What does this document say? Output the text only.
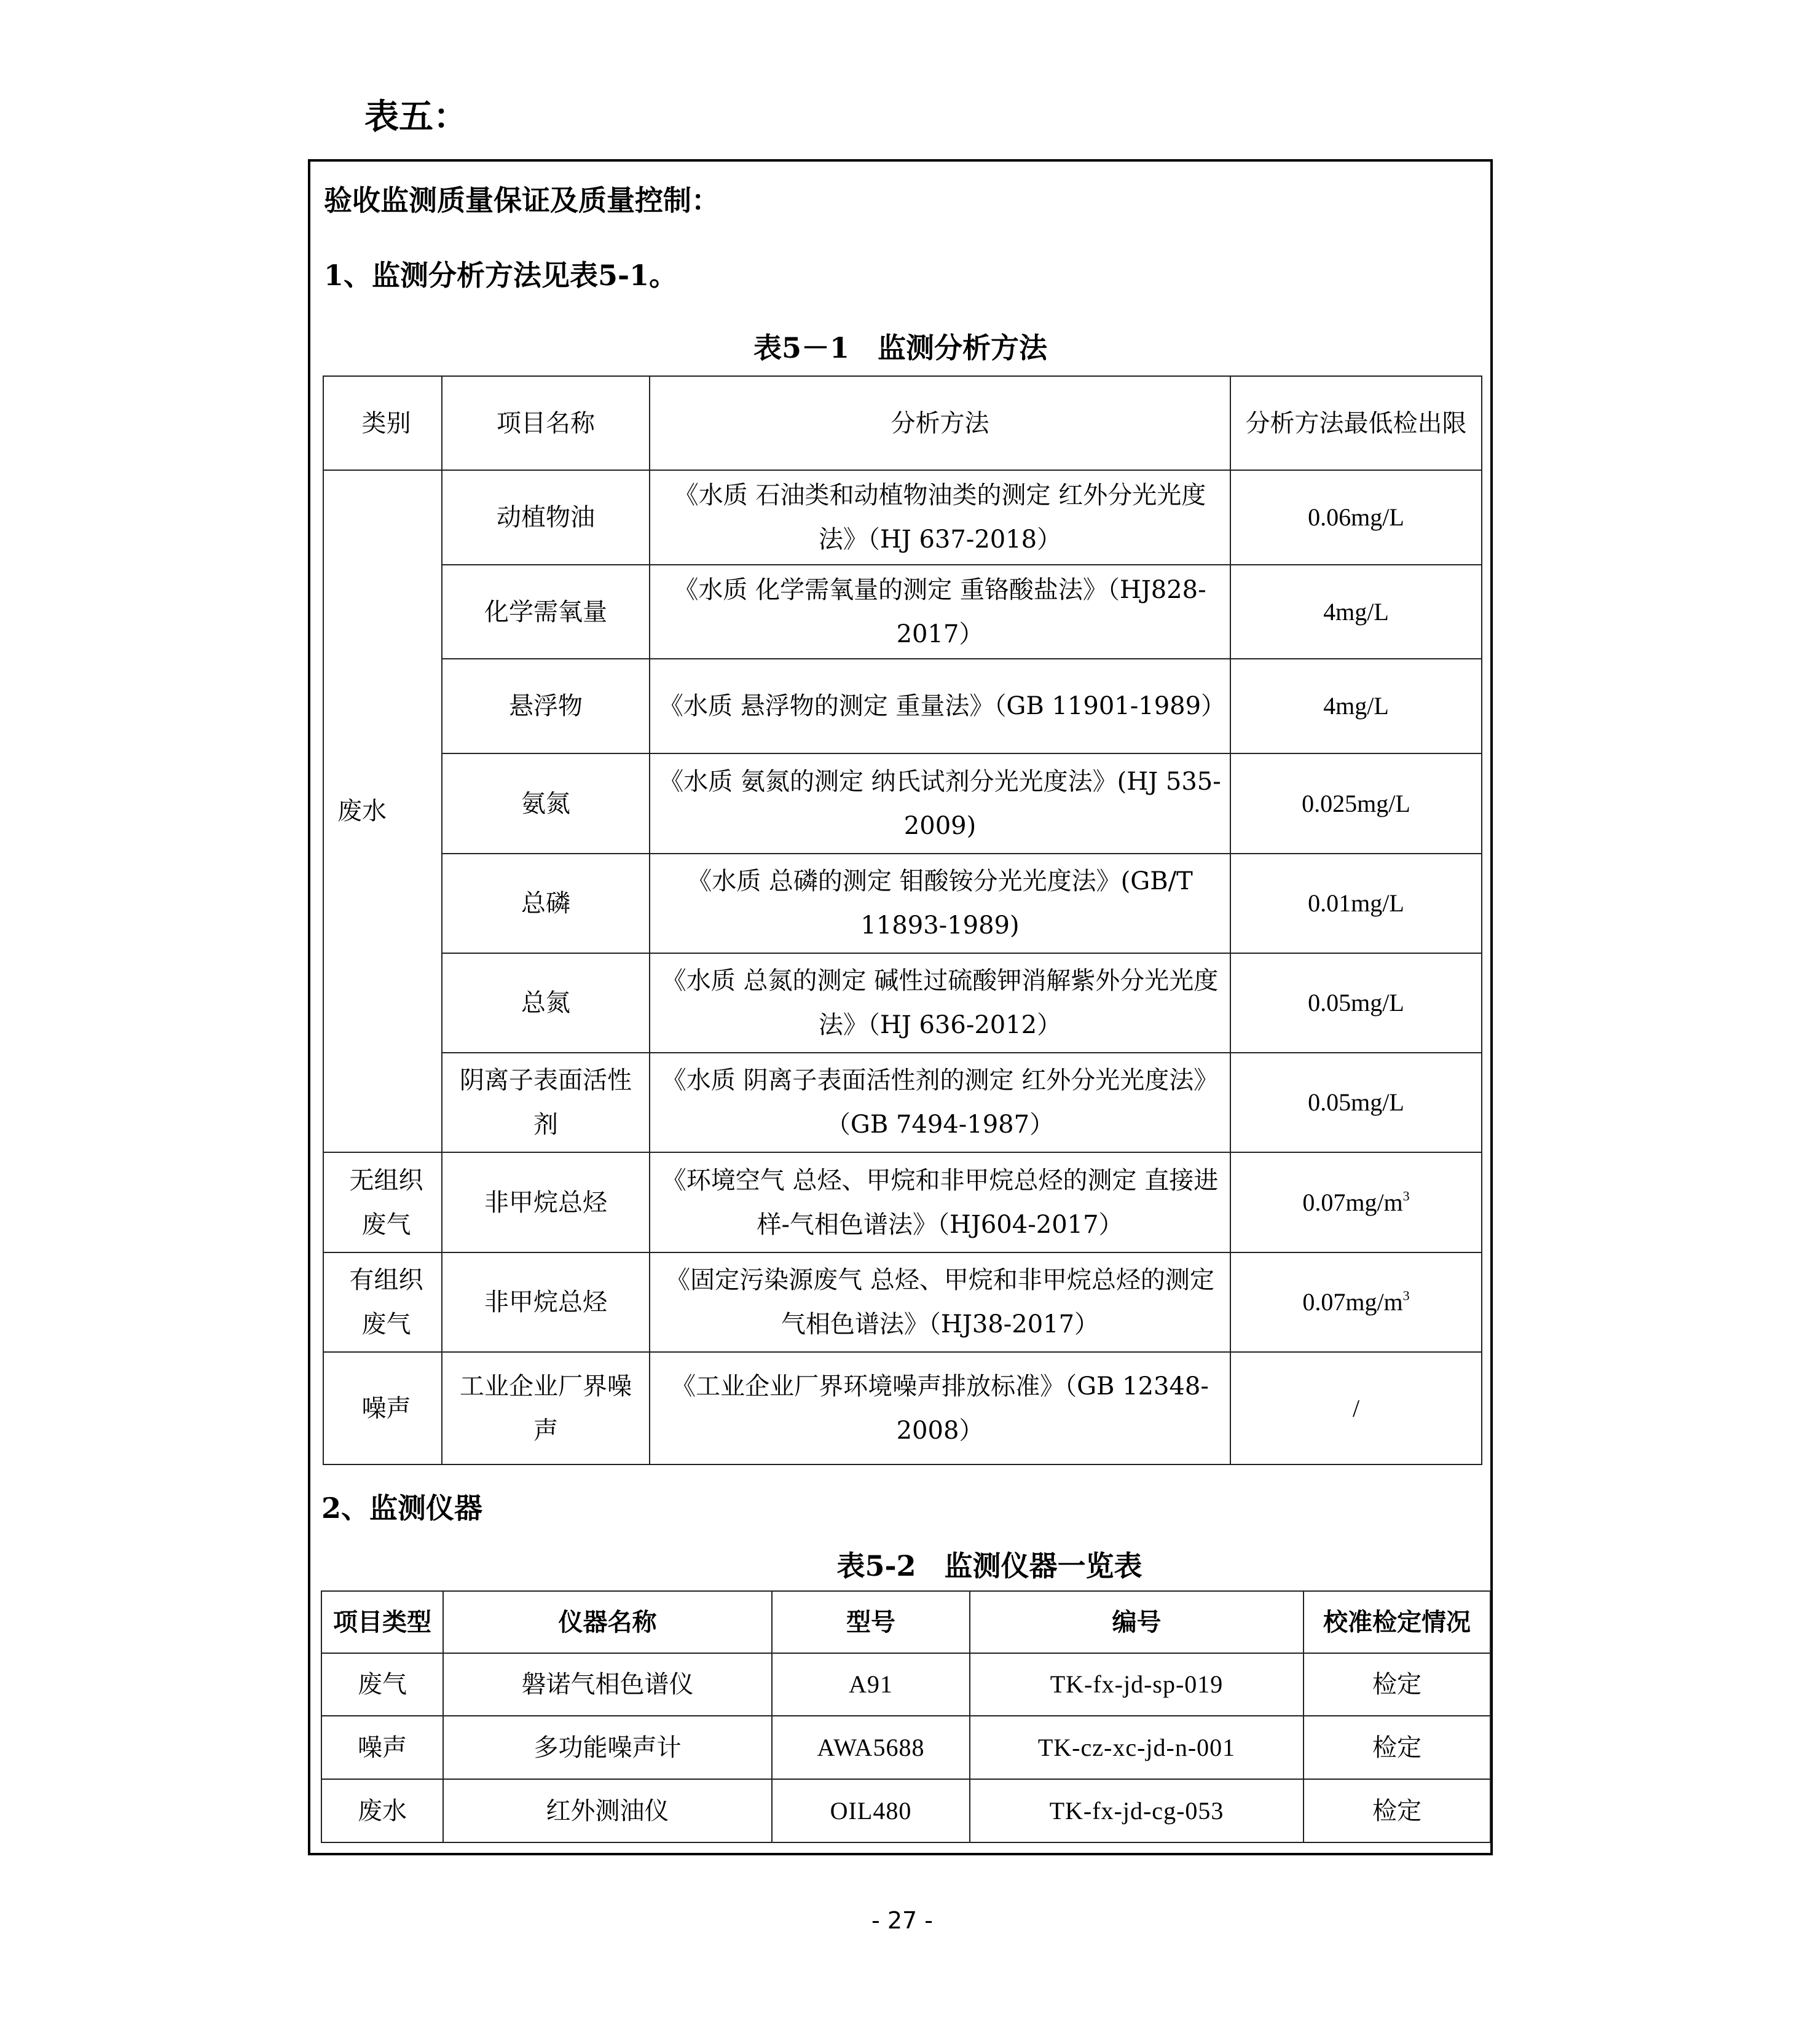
表五：
验收监测质量保证及质量控制：
1、监测分析方法见表5-1。
表5－1　监测分析方法
类别	项目名称	分析方法	分析方法最低检出限
废水	动植物油	《水质 石油类和动植物油类的测定 红外分光光度法》（HJ 637-2018）	0.06mg/L
	化学需氧量	《水质 化学需氧量的测定 重铬酸盐法》（HJ828-2017）	4mg/L
	悬浮物	《水质 悬浮物的测定 重量法》（GB 11901-1989）	4mg/L
	氨氮	《水质 氨氮的测定 纳氏试剂分光光度法》(HJ 535-2009)	0.025mg/L
	总磷	《水质 总磷的测定 钼酸铵分光光度法》(GB/T 11893-1989)	0.01mg/L
	总氮	《水质 总氮的测定 碱性过硫酸钾消解紫外分光光度法》（HJ 636-2012）	0.05mg/L
	阴离子表面活性剂	《水质 阴离子表面活性剂的测定 红外分光光度法》（GB 7494-1987）	0.05mg/L
无组织废气	非甲烷总烃	《环境空气 总烃、甲烷和非甲烷总烃的测定 直接进样-气相色谱法》（HJ604-2017）	$0.07mg/m^3$
有组织废气	非甲烷总烃	《固定污染源废气 总烃、甲烷和非甲烷总烃的测定 气相色谱法》（HJ38-2017）	$0.07mg/m^3$
噪声	工业企业厂界噪声	《工业企业厂界环境噪声排放标准》（GB 12348-2008）	/
2、监测仪器
表5-2　监测仪器一览表
项目类型	仪器名称	型号	编号	校准检定情况
废气	磐诺气相色谱仪	A91	TK-fx-jd-sp-019	检定
噪声	多功能噪声计	AWA5688	TK-cz-xc-jd-n-001	检定
废水	红外测油仪	OIL480	TK-fx-jd-cg-053	检定
- 27 -
